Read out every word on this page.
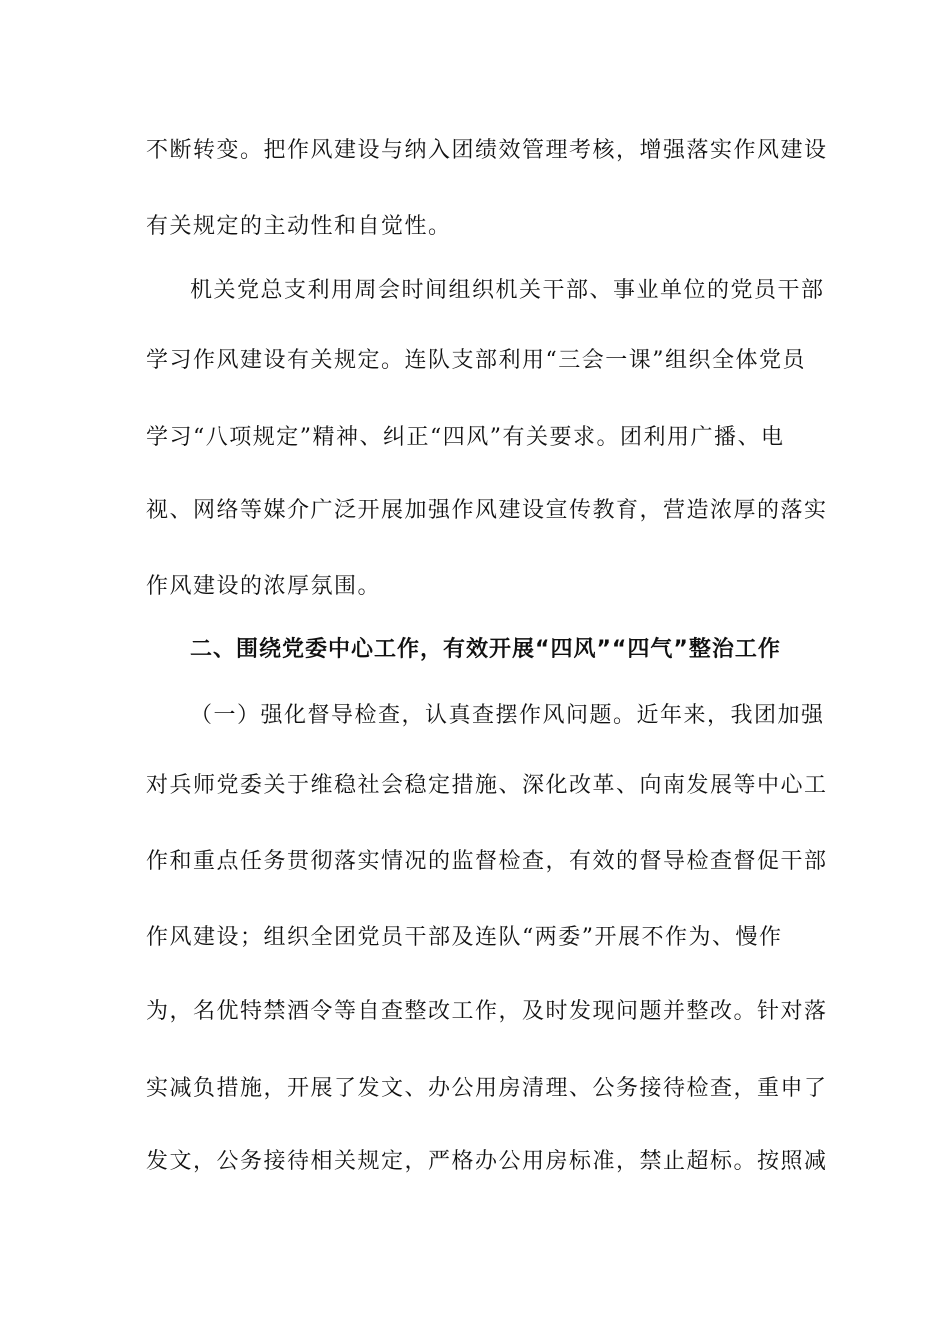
不断转变。把作风建设与纳入团绩效管理考核，增强落实作风建设
有关规定的主动性和自觉性。
机关党总支利用周会时间组织机关干部、事业单位的党员干部
学习作风建设有关规定。连队支部利用“三会一课”组织全体党员
学习“八项规定”精神、纠正“四风”有关要求。团利用广播、电
视、网络等媒介广泛开展加强作风建设宣传教育，营造浓厚的落实
作风建设的浓厚氛围。
二、围绕党委中心工作，有效开展“四风”“四气”整治工作
（一）强化督导检查，认真查摆作风问题。近年来，我团加强
对兵师党委关于维稳社会稳定措施、深化改革、向南发展等中心工
作和重点任务贯彻落实情况的监督检查，有效的督导检查督促干部
作风建设；组织全团党员干部及连队“两委”开展不作为、慢作
为，名优特禁酒令等自查整改工作，及时发现问题并整改。针对落
实减负措施，开展了发文、办公用房清理、公务接待检查，重申了
发文，公务接待相关规定，严格办公用房标准，禁止超标。按照减
